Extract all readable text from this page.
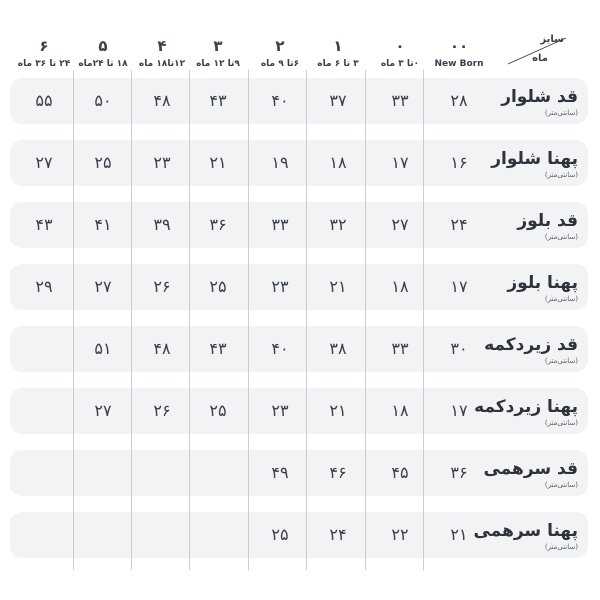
سایز
ماه
۰۰
New Born
۰
۰تا ۳ ماه
۱
۳ تا ۶ ماه
۲
۶تا ۹ ماه
۳
۹تا ۱۲ ماه
۴
۱۲تا۱۸ ماه
۵
۱۸ تا ۲۴ماه
۶
۲۴ تا ۳۶ ماه
قد شلوار
(سانتی‌متر)
۲۸
۳۳
۳۷
۴۰
۴۳
۴۸
۵۰
۵۵
پهنا شلوار
(سانتی‌متر)
۱۶
۱۷
۱۸
۱۹
۲۱
۲۳
۲۵
۲۷
قد بلوز
(سانتی‌متر)
۲۴
۲۷
۳۲
۳۳
۳۶
۳۹
۴۱
۴۳
پهنا بلوز
(سانتی‌متر)
۱۷
۱۸
۲۱
۲۳
۲۵
۲۶
۲۷
۲۹
قد زیردکمه
(سانتی‌متر)
۳۰
۳۳
۳۸
۴۰
۴۳
۴۸
۵۱
پهنا زیردکمه
(سانتی‌متر)
۱۷
۱۸
۲۱
۲۳
۲۵
۲۶
۲۷
قد سرهمی
(سانتی‌متر)
۳۶
۴۵
۴۶
۴۹
پهنا سرهمی
(سانتی‌متر)
۲۱
۲۲
۲۴
۲۵
